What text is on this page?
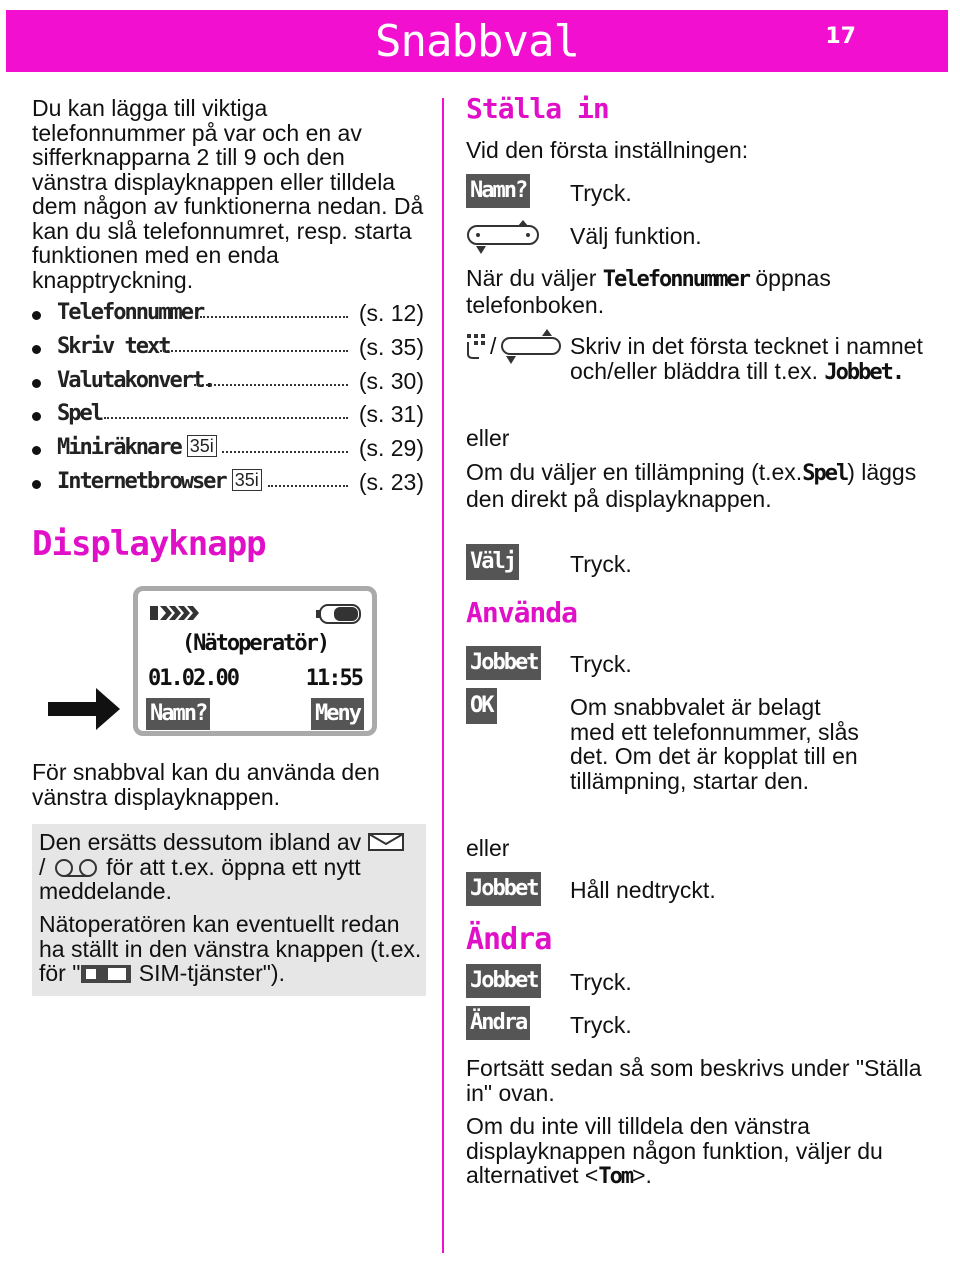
Snabbval	17
Du kan lägga till viktiga telefonnummer på var och en av sifferknapparna 2 till 9 och den vänstra displayknappen eller tilldela dem någon av funktionerna nedan. Då kan du slå telefonnumret, resp. starta funktionen med en enda knapptryckning.
Telefonnummer	(s. 12)
Skriv text	(s. 35)
Valutakonvert.	(s. 30)
Spel	(s. 31)
Miniräknare 35i	(s. 29)
Internetbrowser 35i	(s. 23)
Displayknapp
(Nätoperatör)
01.02.00	11:55
Namn?	Meny
För snabbval kan du använda den vänstra displayknappen.
Den ersätts dessutom ibland av
/	för att t.ex. öppna ett nytt meddelande.
Nätoperatören kan eventuellt redan ha ställt in den vänstra knappen (t.ex. för "	SIM-tjänster").
Ställa in
Vid den första inställningen:
Namn? Tryck.
Välj funktion.
När du väljer Telefonnummer öppnas telefonboken.
/	Skriv in det första tecknet i namnet och/eller bläddra till t.ex. Jobbet.
eller
Om du väljer en tillämpning (t.ex.Spel) läggs den direkt på displayknappen.
Välj Tryck.
Använda
Jobbet Tryck.
OK	Om snabbvalet är belagt med ett telefonnummer, slås det. Om det är kopplat till en tillämpning, startar den.
eller
Jobbet Håll nedtryckt.
Ändra
Jobbet Tryck.
Ändra Tryck.
Fortsätt sedan så som beskrivs under "Ställa in" ovan.
Om du inte vill tilldela den vänstra displayknappen någon funktion, väljer du alternativet <Tom>.
